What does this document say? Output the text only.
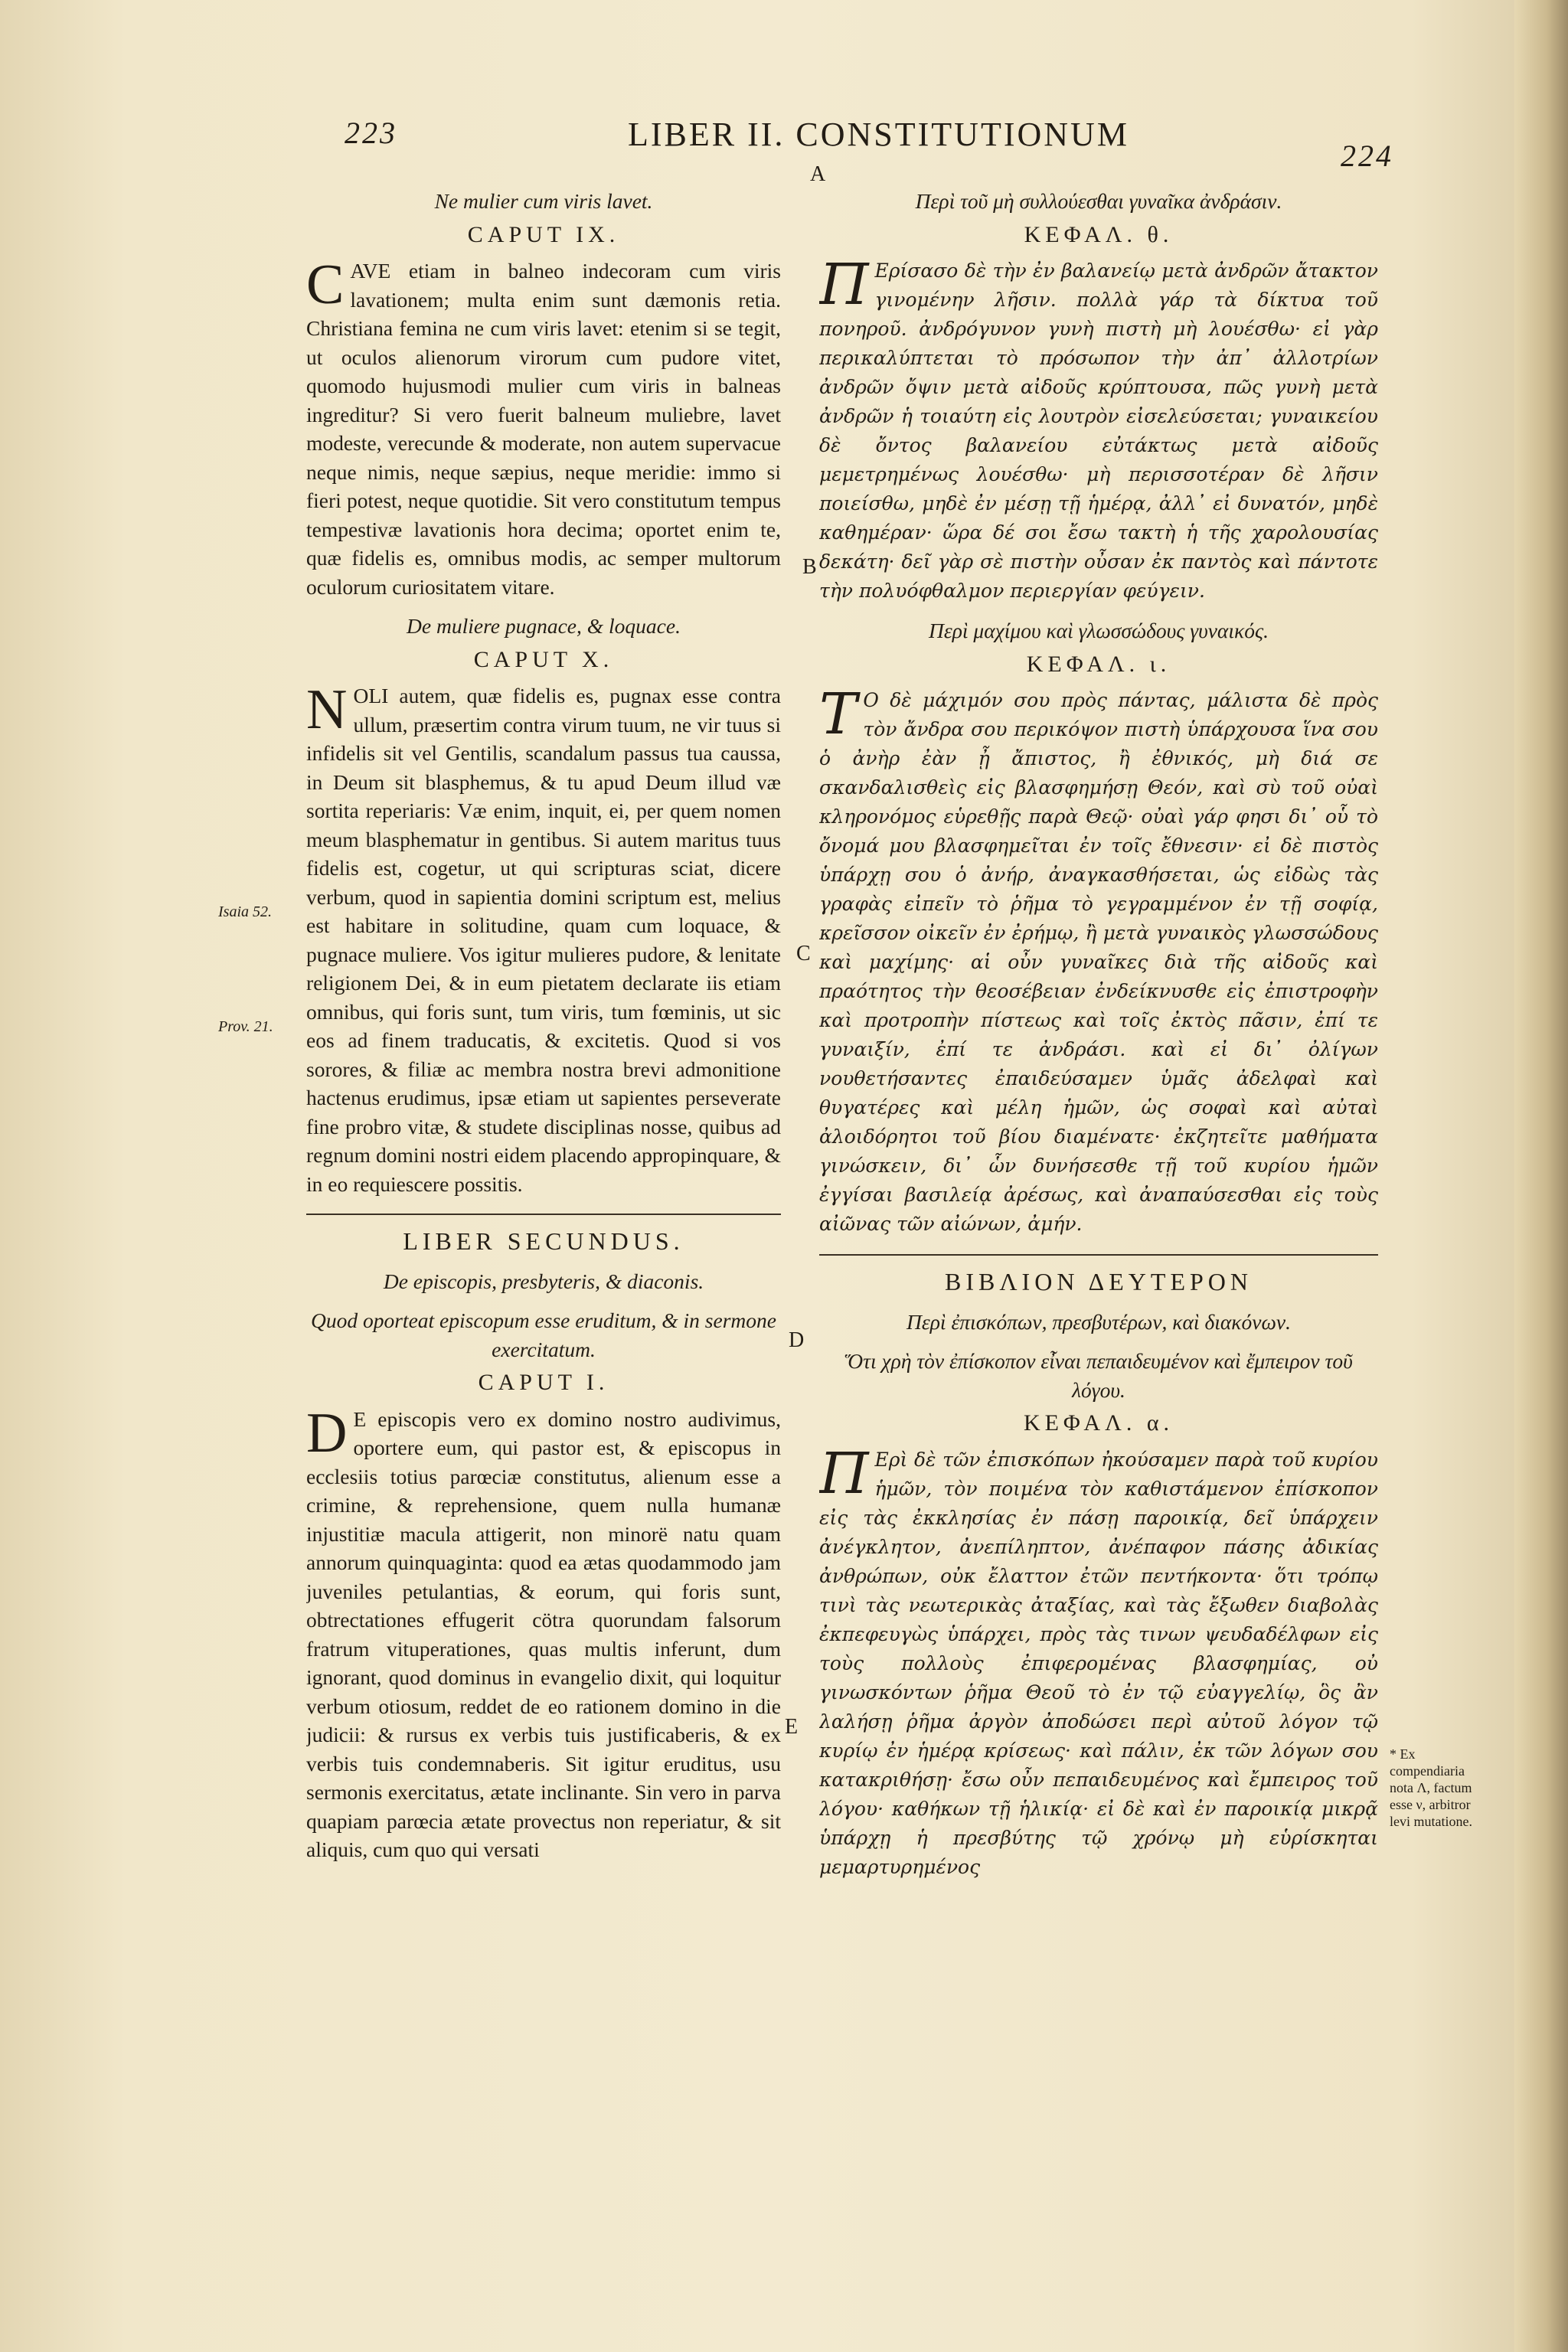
223	LIBER II. CONSTITUTIONUM
224
Ne mulier cum viris lavet.
CAPUT IX.
CAVE etiam in balneo indecoram cum viris lavationem; multa enim sunt dæmonis retia. Christiana femina ne cum viris lavet: etenim si se tegit, ut oculos alienorum virorum cum pudore vitet, quomodo hujusmodi mulier cum viris in balneas ingreditur? Si vero fuerit balneum muliebre, lavet modeste, verecunde & moderate, non autem supervacue neque nimis, neque sæpius, neque meridie: immo si fieri potest, neque quotidie. Sit vero constitutum tempus tempestivæ lavationis hora decima; oportet enim te, quæ fidelis es, omnibus modis, ac semper multorum oculorum curiositatem vitare.
De muliere pugnace, & loquace.
CAPUT X.
NOLI autem, quæ fidelis es, pugnax esse contra ullum, præsertim contra virum tuum, ne vir tuus si infidelis sit vel Gentilis, scandalum passus tua caussa, in Deum sit blasphemus, & tu apud Deum illud væ sortita reperiaris: Væ enim, inquit, ei, per quem nomen meum blasphematur in gentibus. Si autem maritus tuus fidelis est, cogetur, ut qui scripturas sciat, dicere verbum, quod in sapientia domini scriptum est, melius est habitare in solitudine, quam cum loquace, & pugnace muliere. Vos igitur mulieres pudore, & lenitate religionem Dei, & in eum pietatem declarate iis etiam omnibus, qui foris sunt, tum viris, tum fœminis, ut sic eos ad finem traducatis, & excitetis. Quod si vos sorores, & filiæ ac membra nostra brevi admonitione hactenus erudimus, ipsæ etiam ut sapientes perseverate fine probro vitæ, & studete disciplinas nosse, quibus ad regnum domini nostri eidem placendo appropinquare, & in eo requiescere possitis.
LIBER SECUNDUS.
De episcopis, presbyteris, & diaconis.
Quod oporteat episcopum esse eruditum, & in sermone exercitatum.
CAPUT I.
D E episcopis vero ex domino nostro audivimus, oportere eum, qui pastor est, & episcopus in ecclesiis totius parœciæ constitutus, alienum esse a crimine, & reprehensione, quem nulla humanæ injustitiæ macula attigerit, non minorë natu quam annorum quinquaginta: quod ea ætas quodammodo jam juveniles petulantias, & eorum, qui foris sunt, obtrectationes effugerit cötra quorundam falsorum fratrum vituperationes, quas multis inferunt, dum ignorant, quod dominus in evangelio dixit, qui loquitur verbum otiosum, reddet de eo rationem domino in die judicii: & rursus ex verbis tuis justificaberis, & ex verbis tuis condemnaberis. Sit igitur eruditus, usu sermonis exercitatus, ætate inclinante. Sin vero in parva quapiam parœcia ætate provectus non reperiatur, & sit aliquis, cum quo qui versati
Isaia 52.
Prov. 21.
Περὶ τοῦ μὴ συλλούεσθαι γυναῖκα ἀνδράσιν.
ΚΕΦΑΛ. θ.
Π Ερίσασο δὲ τὴν ἐν βαλανείῳ μετὰ ἀνδρῶν ἄτακτον γινομένην λῆσιν. πολλὰ γάρ τὰ δίκτυα τοῦ πονηροῦ. ἀνδρόγυνον γυνὴ πιστὴ μὴ λουέσθω· εἰ γὰρ περικαλύπτεται τὸ πρόσωπον τὴν ἀπ᾽ ἀλλοτρίων ἀνδρῶν ὄψιν μετὰ αἰδοῦς κρύπτουσα, πῶς γυνὴ μετὰ ἀνδρῶν ἡ τοιαύτη εἰς λουτρὸν εἰσελεύσεται; γυναικείου δὲ ὄντος βαλανείου εὐτάκτως μετὰ αἰδοῦς μεμετρημένως λουέσθω· μὴ περισσοτέραν δὲ λῆσιν ποιείσθω, μηδὲ ἐν μέσῃ τῇ ἡμέρᾳ, ἀλλ᾽ εἰ δυνατόν, μηδὲ καθημέραν· ὥρα δέ σοι ἔσω τακτὴ ἡ τῆς χαρολουσίας δεκάτη· δεῖ γὰρ σὲ πιστὴν οὖσαν ἐκ παντὸς καὶ πάντοτε τὴν πολυόφθαλμον περιεργίαν φεύγειν.
Περὶ μαχίμου καὶ γλωσσώδους γυναικός.
ΚΕΦΑΛ. ι.
Τ Ο δὲ μάχιμόν σου πρὸς πάντας, μάλιστα δὲ πρὸς τὸν ἄνδρα σου περικόψον πιστὴ ὑπάρχουσα ἵνα σου ὁ ἀνὴρ ἐὰν ᾖ ἄπιστος, ἢ ἐθνικός, μὴ διά σε σκανδαλισθεὶς εἰς βλασφημήσῃ Θεόν, καὶ σὺ τοῦ οὐαὶ κληρονόμος εὑρεθῇς παρὰ Θεῷ· οὐαὶ γάρ φησι δι᾽ οὗ τὸ ὄνομά μου βλασφημεῖται ἐν τοῖς ἔθνεσιν· εἰ δὲ πιστὸς ὑπάρχῃ σου ὁ ἀνήρ, ἀναγκασθήσεται, ὡς εἰδὼς τὰς γραφὰς εἰπεῖν τὸ ῥῆμα τὸ γεγραμμένον ἐν τῇ σοφίᾳ, κρεῖσσον οἰκεῖν ἐν ἐρήμῳ, ἢ μετὰ γυναικὸς γλωσσώδους καὶ μαχίμης· αἱ οὖν γυναῖκες διὰ τῆς αἰδοῦς καὶ πραότητος τὴν θεοσέβειαν ἐνδείκνυσθε εἰς ἐπιστροφὴν καὶ προτροπὴν πίστεως καὶ τοῖς ἐκτὸς πᾶσιν, ἐπί τε γυναιξίν, ἐπί τε ἀνδράσι. καὶ εἰ δι᾽ ὀλίγων νουθετήσαντες ἐπαιδεύσαμεν ὑμᾶς ἀδελφαὶ καὶ θυγατέρες καὶ μέλη ἡμῶν, ὡς σοφαὶ καὶ αὐταὶ ἀλοιδόρητοι τοῦ βίου διαμένατε· ἐκζητεῖτε μαθήματα γινώσκειν, δι᾽ ὧν δυνήσεσθε τῇ τοῦ κυρίου ἡμῶν ἐγγίσαι βασιλείᾳ ἀρέσως, καὶ ἀναπαύσεσθαι εἰς τοὺς αἰῶνας τῶν αἰώνων, ἀμήν.
ΒΙΒΛΙΟΝ ΔΕΥΤΕΡΟΝ
Περὶ ἐπισκόπων, πρεσβυτέρων, καὶ διακόνων.
Ὅτι χρὴ τὸν ἐπίσκοπον εἶναι πεπαιδευμένον καὶ ἔμπειρον τοῦ λόγου.
ΚΕΦΑΛ. α.
Π Ερὶ δὲ τῶν ἐπισκόπων ἠκούσαμεν παρὰ τοῦ κυρίου ἡμῶν, τὸν ποιμένα τὸν καθιστάμενον ἐπίσκοπον εἰς τὰς ἐκκλησίας ἐν πάσῃ παροικίᾳ, δεῖ ὑπάρχειν ἀνέγκλητον, ἀνεπίληπτον, ἀνέπαφον πάσης ἀδικίας ἀνθρώπων, οὐκ ἔλαττον ἐτῶν πεντήκοντα· ὅτι τρόπῳ τινὶ τὰς νεωτερικὰς ἀταξίας, καὶ τὰς ἔξωθεν διαβολὰς ἐκπεφευγὼς ὑπάρχει, πρὸς τὰς τινων ψευδαδέλφων εἰς τοὺς πολλοὺς ἐπιφερομένας βλασφημίας, οὐ γινωσκόντων ῥῆμα Θεοῦ τὸ ἐν τῷ εὐαγγελίῳ, ὃς ἂν λαλήσῃ ῥῆμα ἀργὸν ἀποδώσει περὶ αὐτοῦ λόγον τῷ κυρίῳ ἐν ἡμέρᾳ κρίσεως· καὶ πάλιν, ἐκ τῶν λόγων σου κατακριθήσῃ· ἔσω οὖν πεπαιδευμένος καὶ ἔμπειρος τοῦ λόγου· καθήκων τῇ ἡλικίᾳ· εἰ δὲ καὶ ἐν παροικίᾳ μικρᾷ ὑπάρχῃ ἡ πρεσβύτης τῷ χρόνῳ μὴ εὑρίσκηται μεμαρτυρημένος
A
B
C
D
E
* Ex compendiaria nota Λ, factum esse ν, arbitror levi mutatione.
